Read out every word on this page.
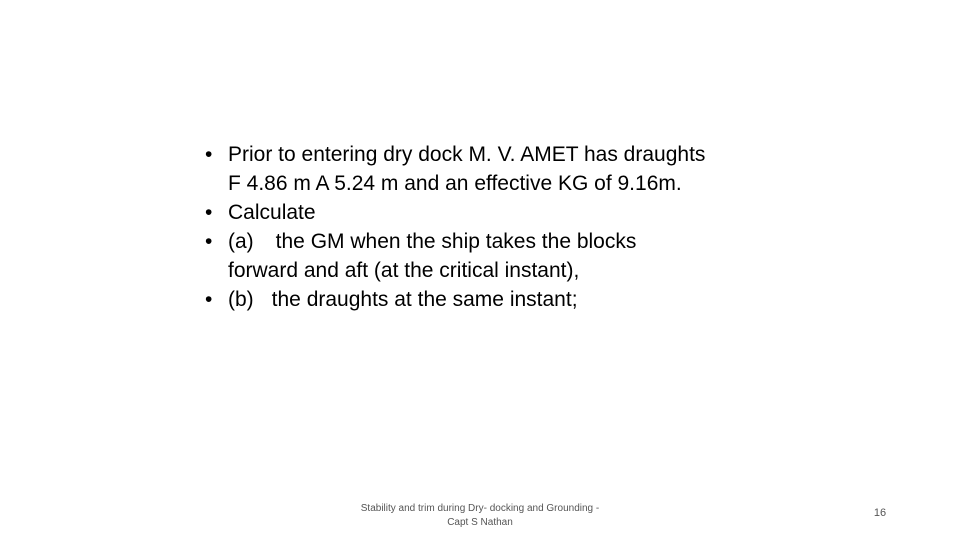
• Prior to entering dry dock M. V. AMET has draughts
F 4.86 m A 5.24 m and an effective KG of 9.16m.
• Calculate
• (a) the GM when the ship takes the blocks
forward and aft (at the critical instant),
• (b) the draughts at the same instant;
Stability and trim during Dry- docking and Grounding -
Capt S Nathan
16
